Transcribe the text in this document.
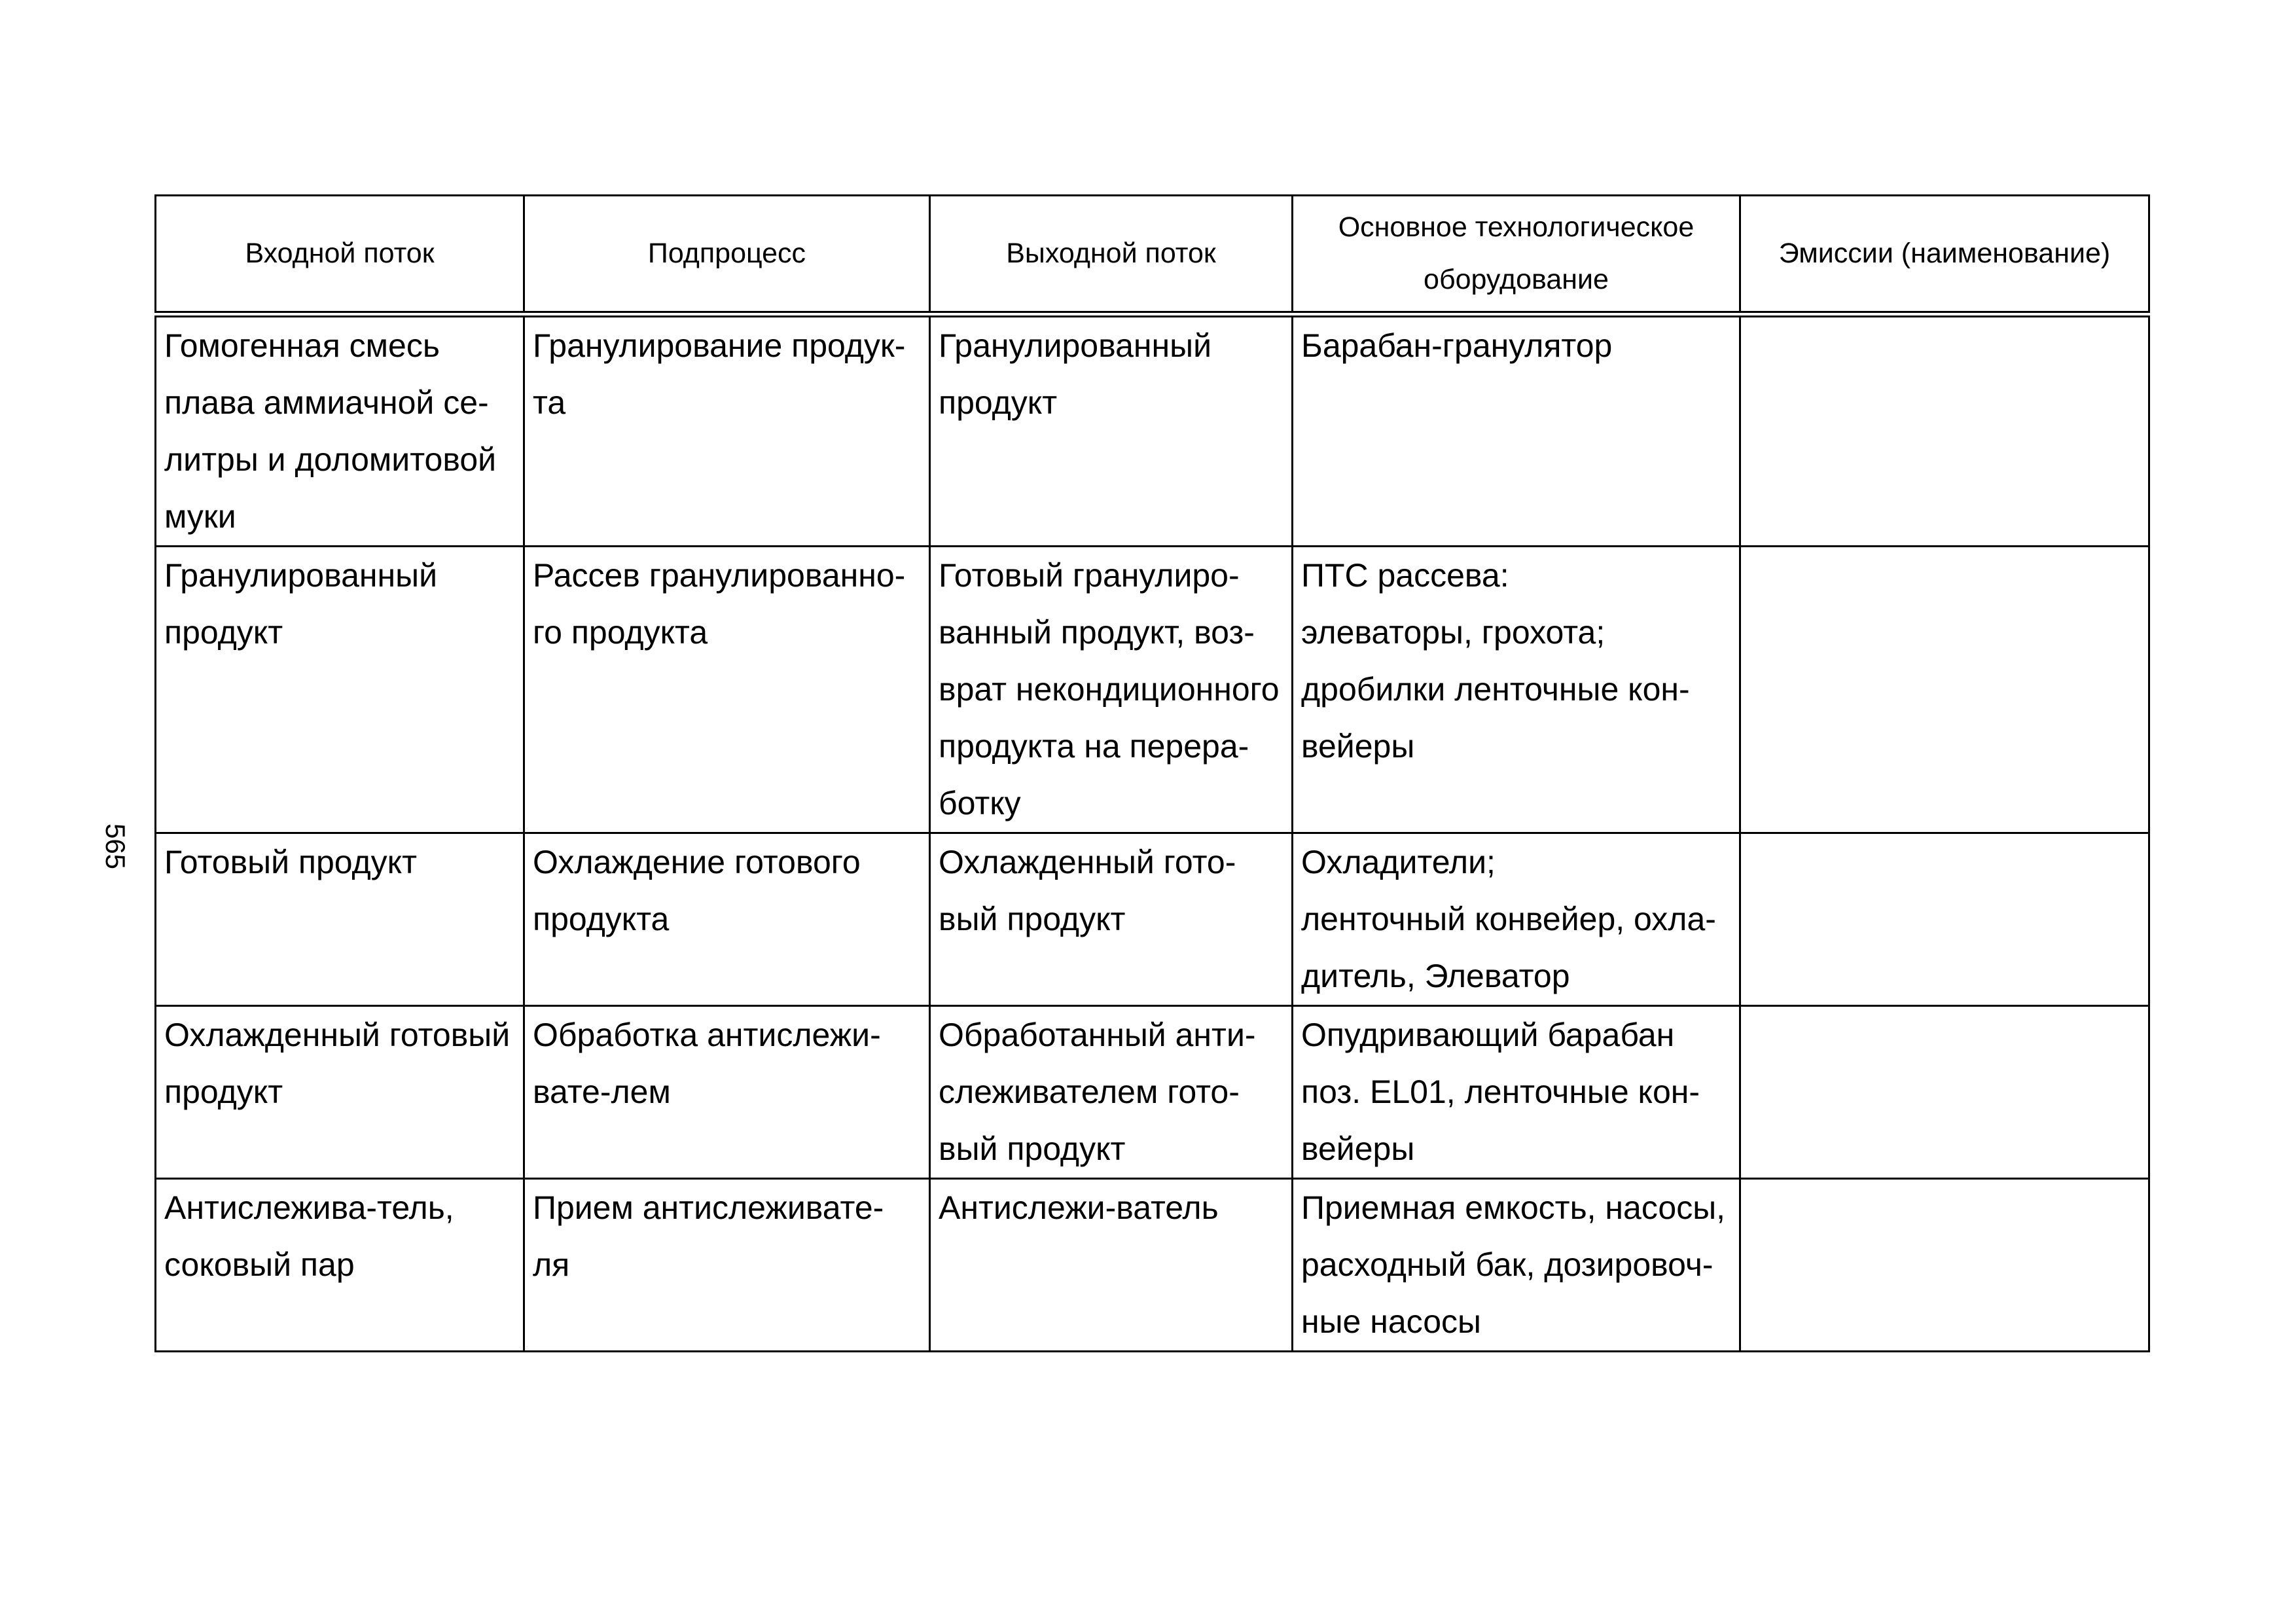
565
Входной поток	Подпроцесс	Выходной поток	Основное технологическое
оборудование	Эмиссии (наименование)
Гомогенная смесь
плава аммиачной се-
литры и доломитовой
муки	Гранулирование продук-
та	Гранулированный
продукт	Барабан-гранулятор	
Гранулированный
продукт	Рассев гранулированно-
го продукта	Готовый гранулиро-
ванный продукт, воз-
врат некондиционного
продукта на перера-
ботку	ПТС рассева:
элеваторы, грохота;
дробилки ленточные кон-
вейеры	
Готовый продукт	Охлаждение готового
продукта	Охлажденный гото-
вый продукт	Охладители;
ленточный конвейер, охла-
дитель, Элеватор	
Охлажденный готовый
продукт	Обработка антислежи-
вате-лем	Обработанный анти-
слеживателем гото-
вый продукт	Опудривающий барабан
поз. EL01, ленточные кон-
вейеры	
Антислежива-тель,
соковый пар	Прием антислеживате-
ля	Антислежи-ватель	Приемная емкость, насосы,
расходный бак, дозировоч-
ные насосы	
